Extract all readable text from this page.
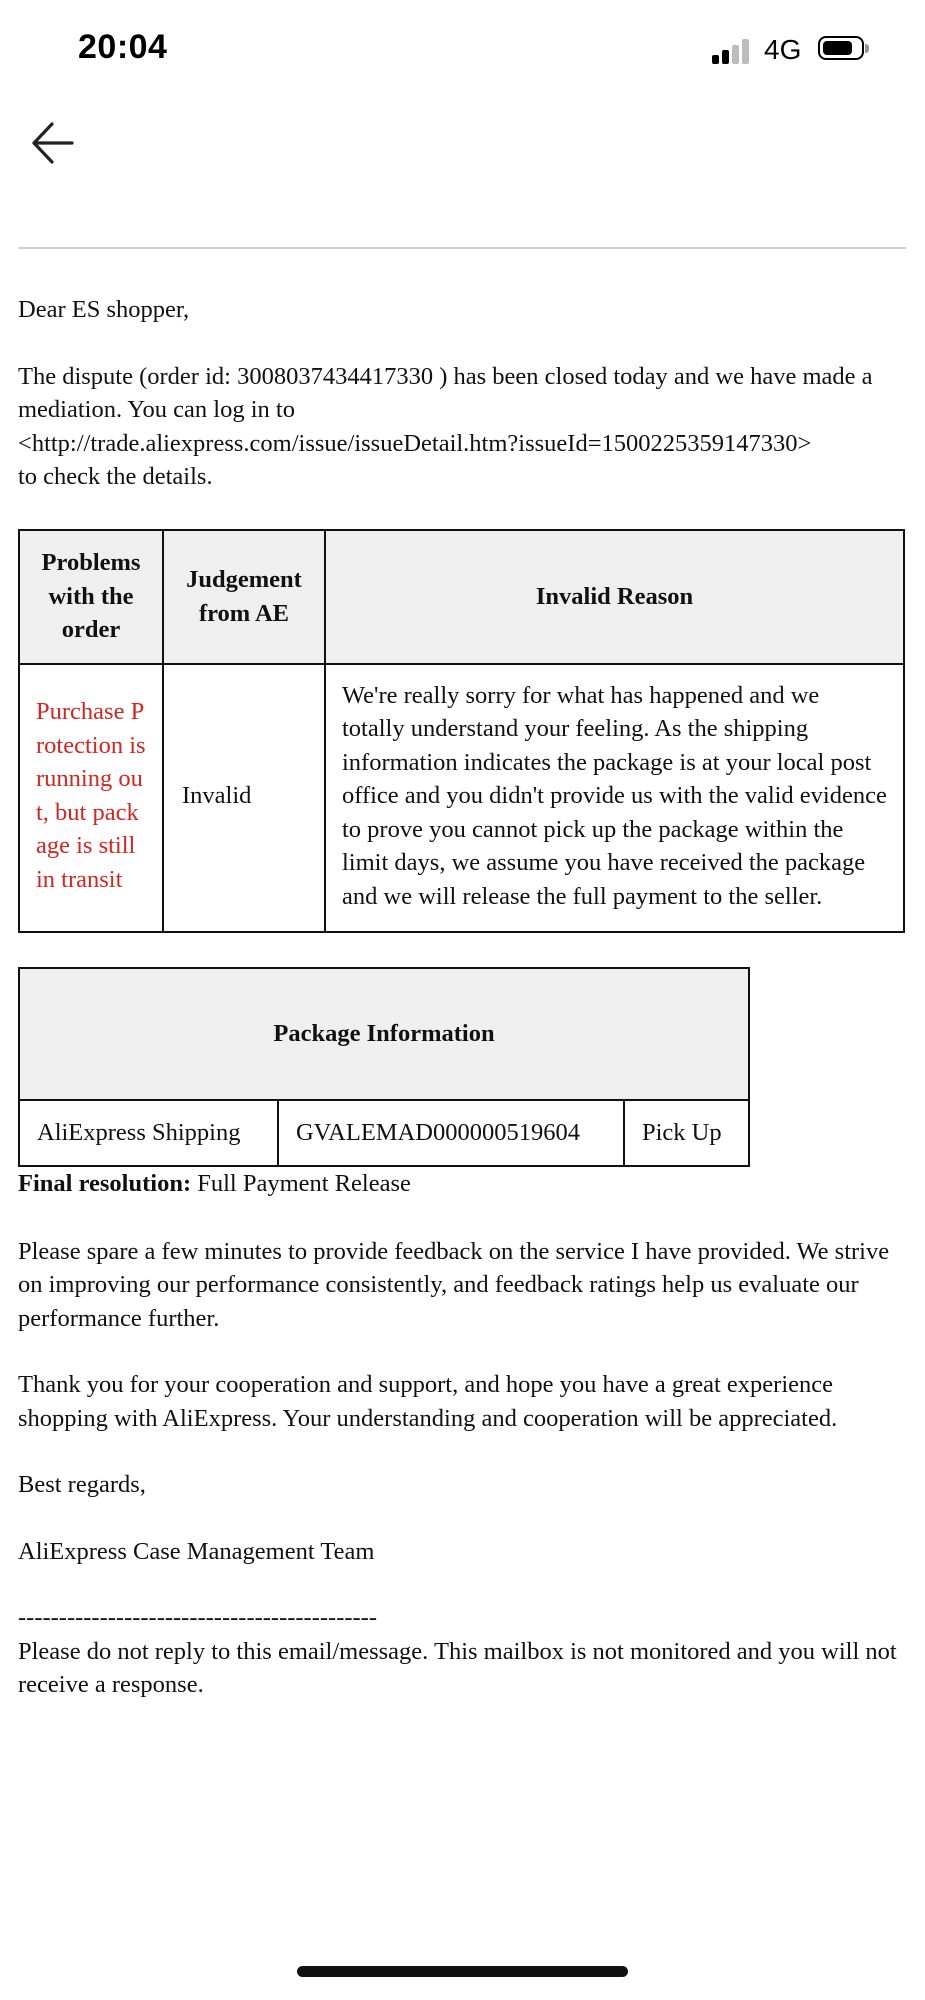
20:04	4G

Dear ES shopper,

The dispute (order id: 3008037434417330 ) has been closed today and we have made a mediation. You can log in to
<http://trade.aliexpress.com/issue/issueDetail.htm?issueId=1500225359147330>
to check the details.

Problems with the order	Judgement from AE	Invalid Reason
Purchase Protection is running out, but package is still in transit	Invalid	We're really sorry for what has happened and we totally understand your feeling. As the shipping information indicates the package is at your local post office and you didn't provide us with the valid evidence to prove you cannot pick up the package within the limit days, we assume you have received the package and we will release the full payment to the seller.
Package Information
AliExpress Shipping	GVALEMAD000000519604	Pick Up

Final resolution: Full Payment Release

Please spare a few minutes to provide feedback on the service I have provided. We strive on improving our performance consistently, and feedback ratings help us evaluate our performance further.

Thank you for your cooperation and support, and hope you have a great experience shopping with AliExpress. Your understanding and cooperation will be appreciated.

Best regards,

AliExpress Case Management Team

--------------------------------------------

Please do not reply to this email/message. This mailbox is not monitored and you will not receive a response.
